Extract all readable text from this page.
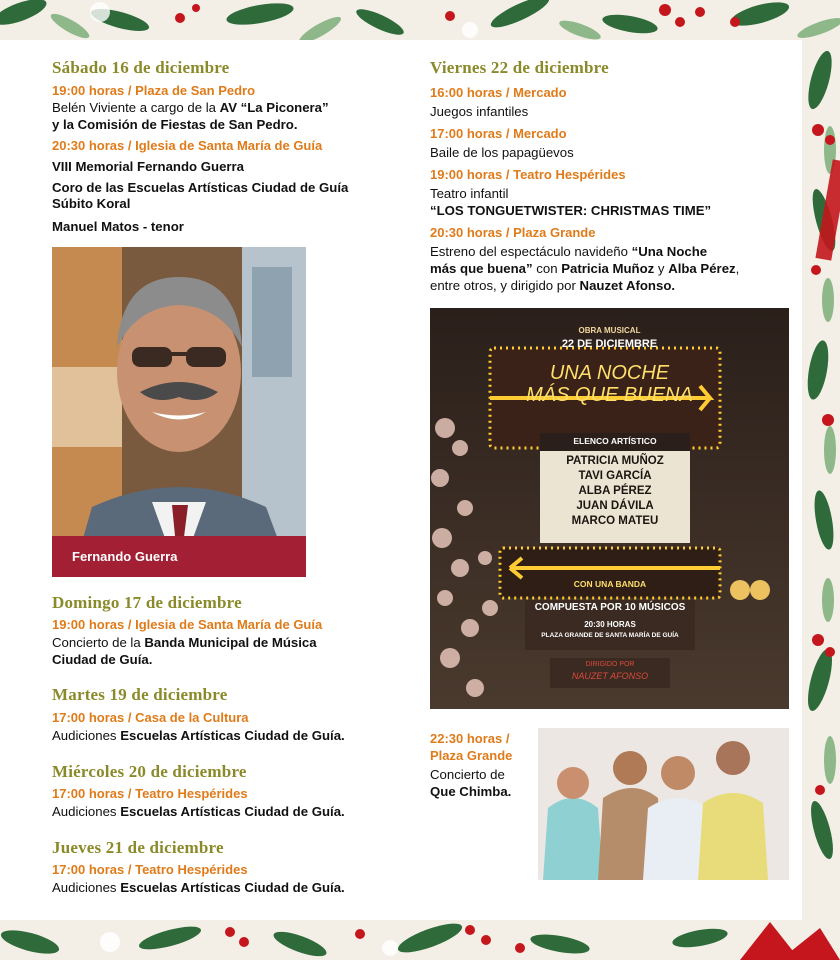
Sábado 16 de diciembre
19:00 horas / Plaza de San Pedro
Belén Viviente a cargo de la AV “La Piconera”
y la Comisión de Fiestas de San Pedro.
20:30 horas / Iglesia de Santa María de Guía
VIII Memorial Fernando Guerra
Coro de las Escuelas Artísticas Ciudad de Guía
Súbito Koral
Manuel Matos - tenor
Fernando Guerra
Domingo 17 de diciembre
19:00 horas / Iglesia de Santa María de Guía
Concierto de la Banda Municipal de Música
Ciudad de Guía.
Martes 19 de diciembre
17:00 horas / Casa de la Cultura
Audiciones Escuelas Artísticas Ciudad de Guía.
Miércoles 20 de diciembre
17:00 horas / Teatro Hespérides
Audiciones Escuelas Artísticas Ciudad de Guía.
Jueves 21 de diciembre
17:00 horas / Teatro Hespérides
Audiciones Escuelas Artísticas Ciudad de Guía.
Viernes 22 de diciembre
16:00 horas / Mercado
Juegos infantiles
17:00 horas / Mercado
Baile de los papagüevos
19:00 horas / Teatro Hespérides
Teatro infantil
“LOS TONGUETWISTER: CHRISTMAS TIME”
20:30 horas / Plaza Grande
Estreno del espectáculo navideño “Una Noche
más que buena” con Patricia Muñoz y Alba Pérez,
entre otros, y dirigido por Nauzet Afonso.
OBRA MUSICAL
22 DE DICIEMBRE
UNA NOCHE
MÁS QUE BUENA
ELENCO ARTÍSTICO
PATRICIA MUÑOZ
TAVI GARCÍA
ALBA PÉREZ
JUAN DÁVILA
MARCO MATEU
CON UNA BANDA
COMPUESTA POR 10 MÚSICOS
20:30 HORAS
PLAZA GRANDE DE SANTA MARÍA DE GUÍA
DIRIGIDO POR
NAUZET AFONSO
22:30 horas /
Plaza Grande
Concierto de
Que Chimba.
